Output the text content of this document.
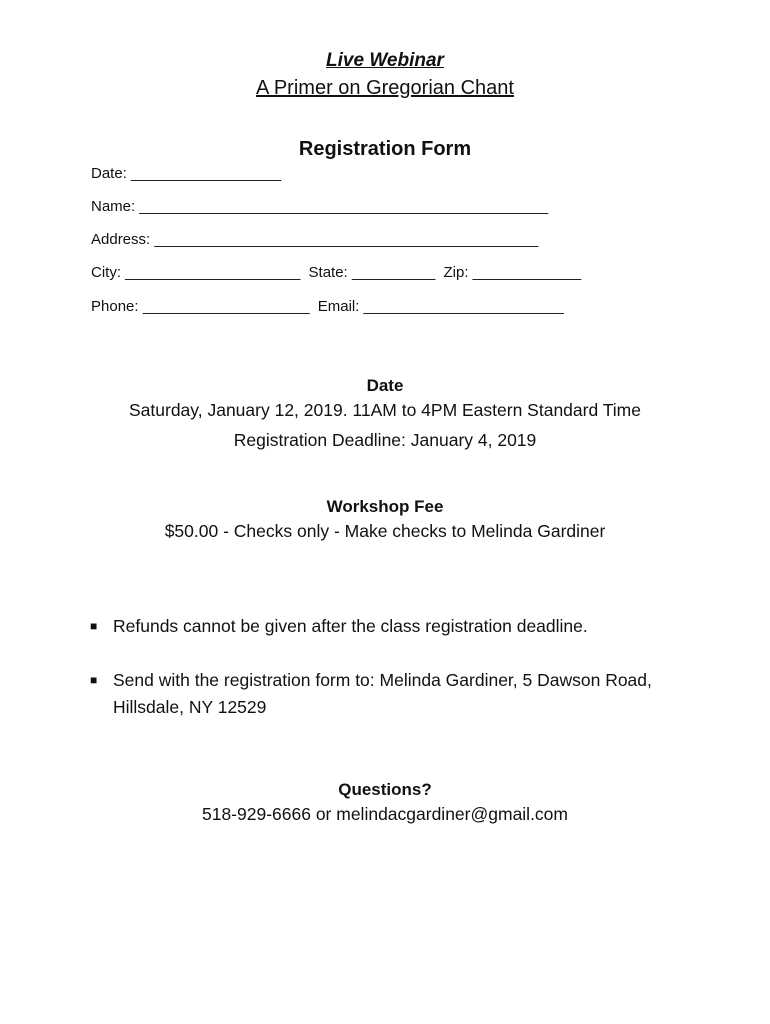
Live Webinar
A Primer on Gregorian Chant
Registration Form
Date: __________________
Name: _________________________________________________
Address: ______________________________________________
City: _____________________ State: __________ Zip: _____________
Phone: ____________________ Email: ________________________
Date
Saturday, January 12, 2019. 11AM to 4PM Eastern Standard Time
Registration Deadline: January 4, 2019
Workshop Fee
$50.00 - Checks only - Make checks to Melinda Gardiner
■ Refunds cannot be given after the class registration deadline.
■ Send with the registration form to: Melinda Gardiner, 5 Dawson Road, Hillsdale, NY 12529
Questions?
518-929-6666 or melindacgardiner@gmail.com
